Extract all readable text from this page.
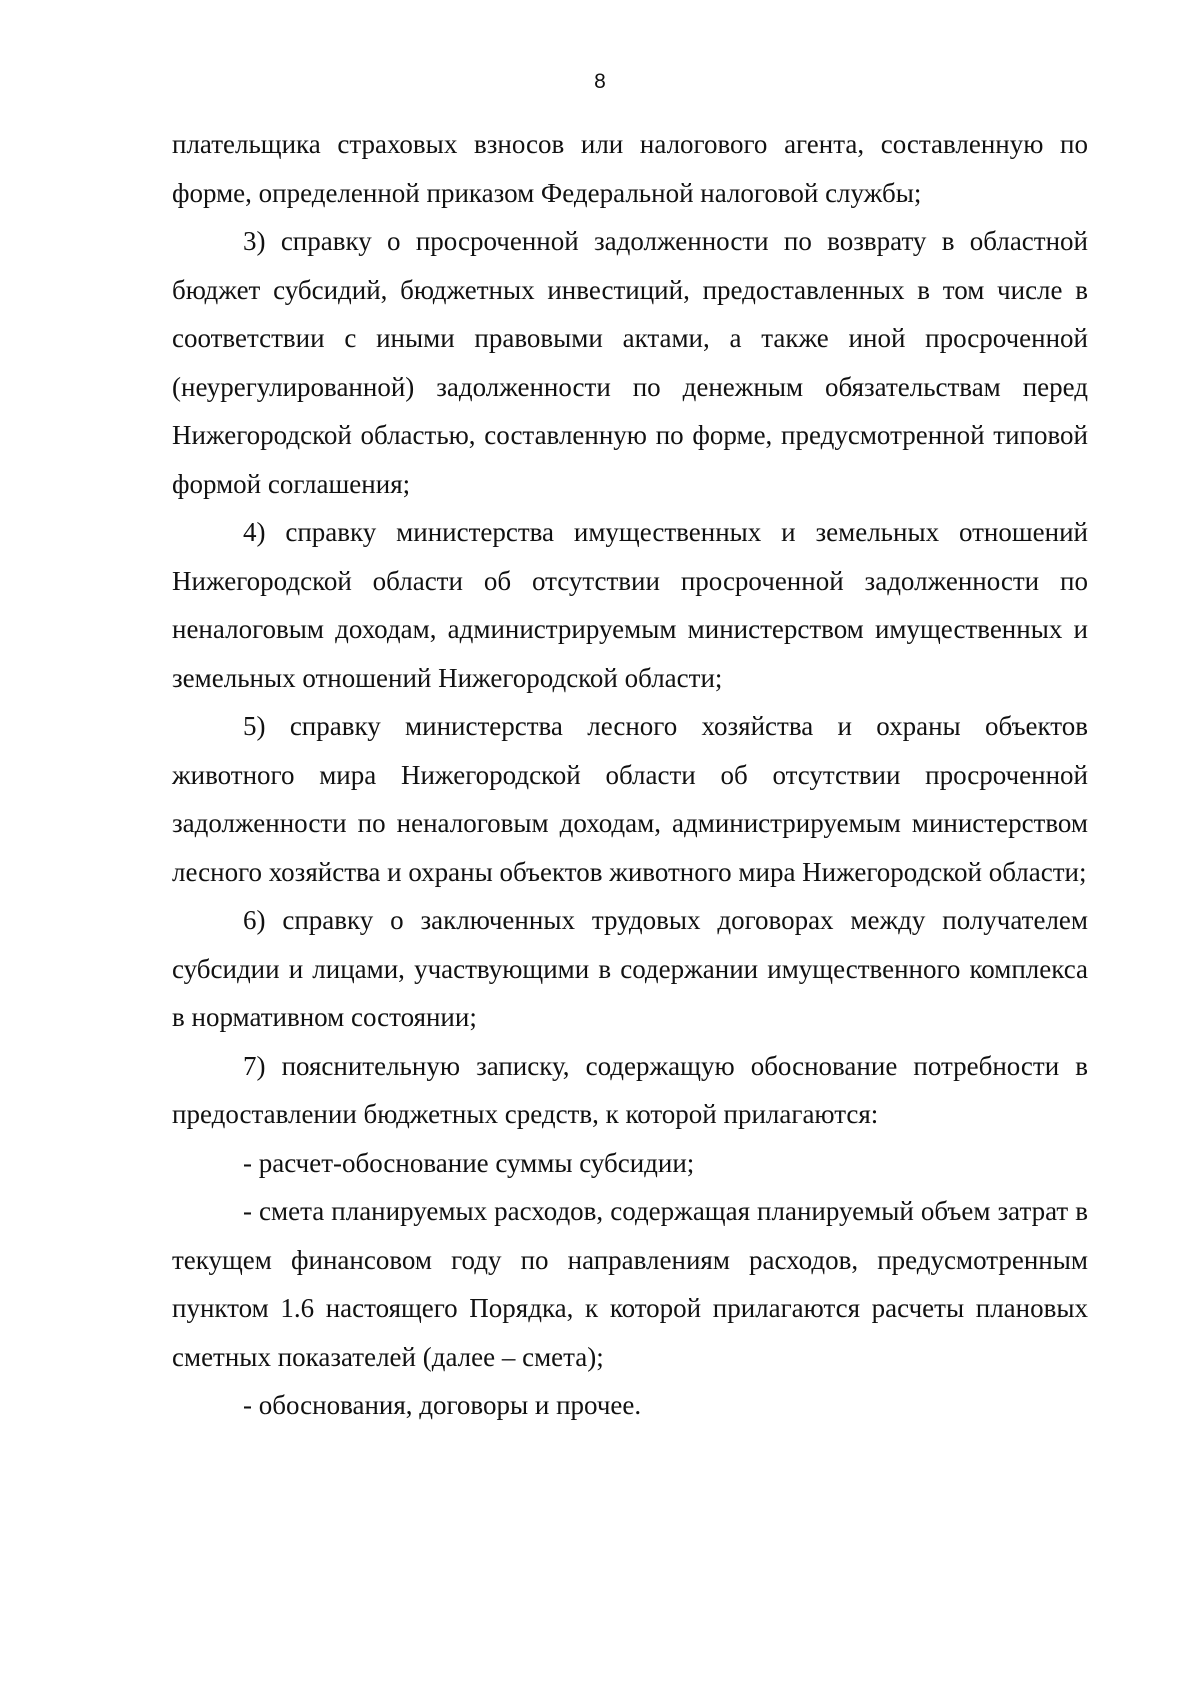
8

плательщика страховых взносов или налогового агента, составленную по форме, определенной приказом Федеральной налоговой службы;

3) справку о просроченной задолженности по возврату в областной бюджет субсидий, бюджетных инвестиций, предоставленных в том числе в соответствии с иными правовыми актами, а также иной просроченной (неурегулированной) задолженности по денежным обязательствам перед Нижегородской областью, составленную по форме, предусмотренной типовой формой соглашения;

4) справку министерства имущественных и земельных отношений Нижегородской области об отсутствии просроченной задолженности по неналоговым доходам, администрируемым министерством имущественных и земельных отношений Нижегородской области;

5) справку министерства лесного хозяйства и охраны объектов животного мира Нижегородской области об отсутствии просроченной задолженности по неналоговым доходам, администрируемым министерством лесного хозяйства и охраны объектов животного мира Нижегородской области;

6) справку о заключенных трудовых договорах между получателем субсидии и лицами, участвующими в содержании имущественного комплекса в нормативном состоянии;

7) пояснительную записку, содержащую обоснование потребности в предоставлении бюджетных средств, к которой прилагаются:

- расчет-обоснование суммы субсидии;

- смета планируемых расходов, содержащая планируемый объем затрат в текущем финансовом году по направлениям расходов, предусмотренным пунктом 1.6 настоящего Порядка, к которой прилагаются расчеты плановых сметных показателей (далее – смета);

- обоснования, договоры и прочее.
